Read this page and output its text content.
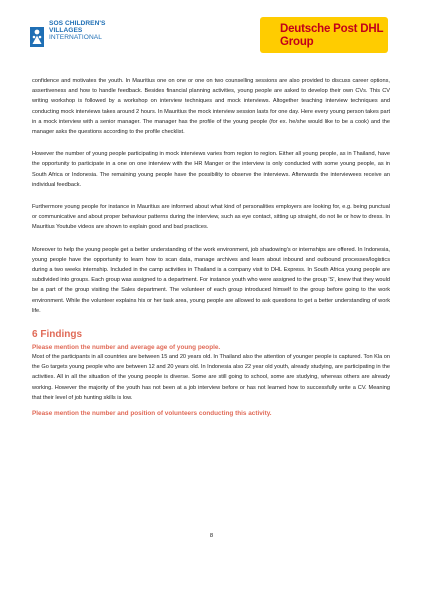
SOS CHILDREN'S
VILLAGES
INTERNATIONAL
Deutsche Post DHL
Group

confidence and motivates the youth. In Mauritius one on one or one on two counselling sessions are also provided to discuss career options, assertiveness and how to handle feedback. Besides financial planning activities, young people are asked to develop their own CVs. This CV writing workshop is followed by a workshop on interview techniques and mock interviews. Altogether teaching interview techniques and conducting mock interviews takes around 2 hours. In Mauritius the mock interview session lasts for one day. Here every young person takes part in a mock interview with a senior manager. The manager has the profile of the young people (for ex. he/she would like to be a cook) and the manager asks the questions according to the profile checklist.

However the number of young people participating in mock interviews varies from region to region. Either all young people, as in Thailand, have the opportunity to participate in a one on one interview with the HR Manger or the interview is only conducted with some young people, as in South Africa or Indonesia. The remaining young people have the possibility to observe the interviews. Afterwards the interviewees receive an individual feedback.

Furthermore young people for instance in Mauritius are informed about what kind of personalities employers are looking for, e.g. being punctual or communicative and about proper behaviour patterns during the interview, such as eye contact, sitting up straight, do not lie or how to dress. In Mauritius Youtube videos are shown to explain good and bad practices.

Moreover to help the young people get a better understanding of the work environment, job shadowing's or internships are offered. In Indonesia, young people have the opportunity to learn how to scan data, manage archives and learn about inbound and outbound processes/logistics during a two weeks internship. Included in the camp activities in Thailand is a company visit to DHL Express. In South Africa young people are subdivided into groups. Each group was assigned to a department. For instance youth who were assigned to the group 'S', knew that they would be a part of the group visiting the Sales department. The volunteer of each group introduced himself to the group before going to the work environment. While the volunteer explains his or her task area, young people are allowed to ask questions to get a better understanding of work life.

6 Findings
Please mention the number and average age of young people.

Most of the participants in all countries are between 15 and 20 years old. In Thailand also the attention of younger people is captured. Ton Kla on the Go targets young people who are between 12 and 20 years old. In Indonesia also 22 year old youth, already studying, are participating in the activities. All in all the situation of the young people is diverse. Some are still going to school, some are studying, whereas others are already working. However the majority of the youth has not been at a job interview before or has not learned how to successfully write a CV. Meaning that their level of job hunting skills is low.

Please mention the number and position of volunteers conducting this activity.
8
